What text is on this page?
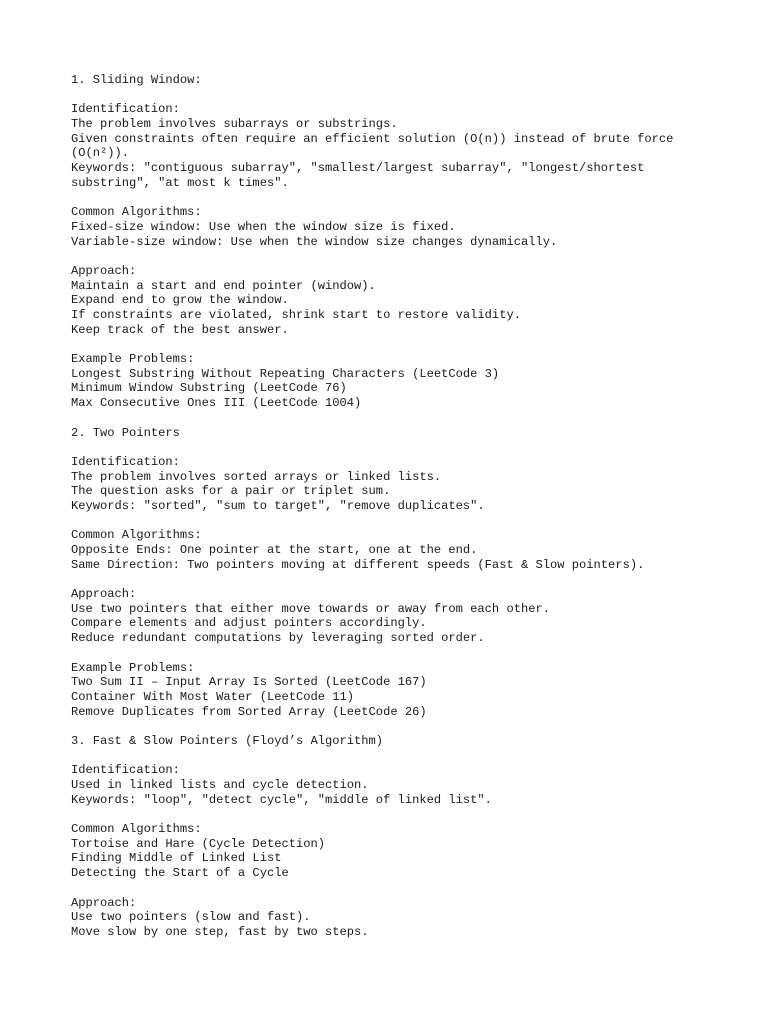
1. Sliding Window:
Identification:
The problem involves subarrays or substrings.
Given constraints often require an efficient solution (O(n)) instead of brute force
(O(n²)).
Keywords: "contiguous subarray", "smallest/largest subarray", "longest/shortest
substring", "at most k times".
Common Algorithms:
Fixed-size window: Use when the window size is fixed.
Variable-size window: Use when the window size changes dynamically.
Approach:
Maintain a start and end pointer (window).
Expand end to grow the window.
If constraints are violated, shrink start to restore validity.
Keep track of the best answer.
Example Problems:
Longest Substring Without Repeating Characters (LeetCode 3)
Minimum Window Substring (LeetCode 76)
Max Consecutive Ones III (LeetCode 1004)
2. Two Pointers
Identification:
The problem involves sorted arrays or linked lists.
The question asks for a pair or triplet sum.
Keywords: "sorted", "sum to target", "remove duplicates".
Common Algorithms:
Opposite Ends: One pointer at the start, one at the end.
Same Direction: Two pointers moving at different speeds (Fast & Slow pointers).
Approach:
Use two pointers that either move towards or away from each other.
Compare elements and adjust pointers accordingly.
Reduce redundant computations by leveraging sorted order.
Example Problems:
Two Sum II – Input Array Is Sorted (LeetCode 167)
Container With Most Water (LeetCode 11)
Remove Duplicates from Sorted Array (LeetCode 26)
3. Fast & Slow Pointers (Floyd’s Algorithm)
Identification:
Used in linked lists and cycle detection.
Keywords: "loop", "detect cycle", "middle of linked list".
Common Algorithms:
Tortoise and Hare (Cycle Detection)
Finding Middle of Linked List
Detecting the Start of a Cycle
Approach:
Use two pointers (slow and fast).
Move slow by one step, fast by two steps.
